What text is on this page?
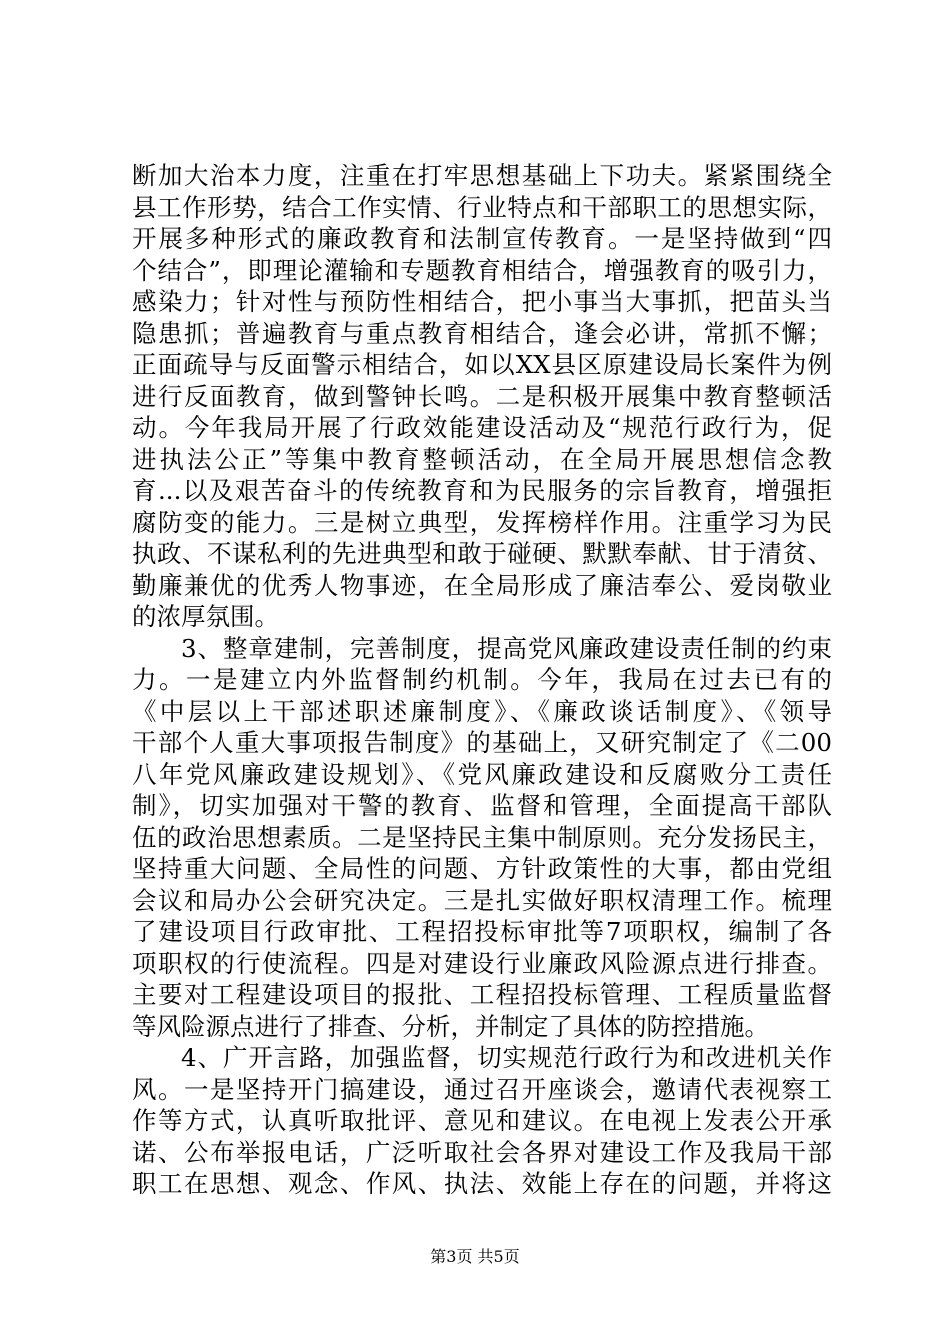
断加大治本力度，注重在打牢思想基础上下功夫。紧紧围绕全
县工作形势，结合工作实情、行业特点和干部职工的思想实际，
开展多种形式的廉政教育和法制宣传教育。一是坚持做到“四
个结合”，即理论灌输和专题教育相结合，增强教育的吸引力，
感染力；针对性与预防性相结合，把小事当大事抓，把苗头当
隐患抓；普遍教育与重点教育相结合，逢会必讲，常抓不懈；
正面疏导与反面警示相结合，如以XX县区原建设局长案件为例
进行反面教育，做到警钟长鸣。二是积极开展集中教育整顿活
动。今年我局开展了行政效能建设活动及“规范行政行为，促
进执法公正”等集中教育整顿活动，在全局开展思想信念教
育...以及艰苦奋斗的传统教育和为民服务的宗旨教育，增强拒
腐防变的能力。三是树立典型，发挥榜样作用。注重学习为民
执政、不谋私利的先进典型和敢于碰硬、默默奉献、甘于清贫、
勤廉兼优的优秀人物事迹，在全局形成了廉洁奉公、爱岗敬业
的浓厚氛围。
3、整章建制，完善制度，提高党风廉政建设责任制的约束
力。一是建立内外监督制约机制。今年，我局在过去已有的
《中层以上干部述职述廉制度》、《廉政谈话制度》、《领导
干部个人重大事项报告制度》的基础上，又研究制定了《二00
八年党风廉政建设规划》、《党风廉政建设和反腐败分工责任
制》，切实加强对干警的教育、监督和管理，全面提高干部队
伍的政治思想素质。二是坚持民主集中制原则。充分发扬民主，
坚持重大问题、全局性的问题、方针政策性的大事，都由党组
会议和局办公会研究决定。三是扎实做好职权清理工作。梳理
了建设项目行政审批、工程招投标审批等7项职权，编制了各
项职权的行使流程。四是对建设行业廉政风险源点进行排查。
主要对工程建设项目的报批、工程招投标管理、工程质量监督
等风险源点进行了排查、分析，并制定了具体的防控措施。
4、广开言路，加强监督，切实规范行政行为和改进机关作
风。一是坚持开门搞建设，通过召开座谈会，邀请代表视察工
作等方式，认真听取批评、意见和建议。在电视上发表公开承
诺、公布举报电话，广泛听取社会各界对建设工作及我局干部
职工在思想、观念、作风、执法、效能上存在的问题，并将这
第3页 共5页
